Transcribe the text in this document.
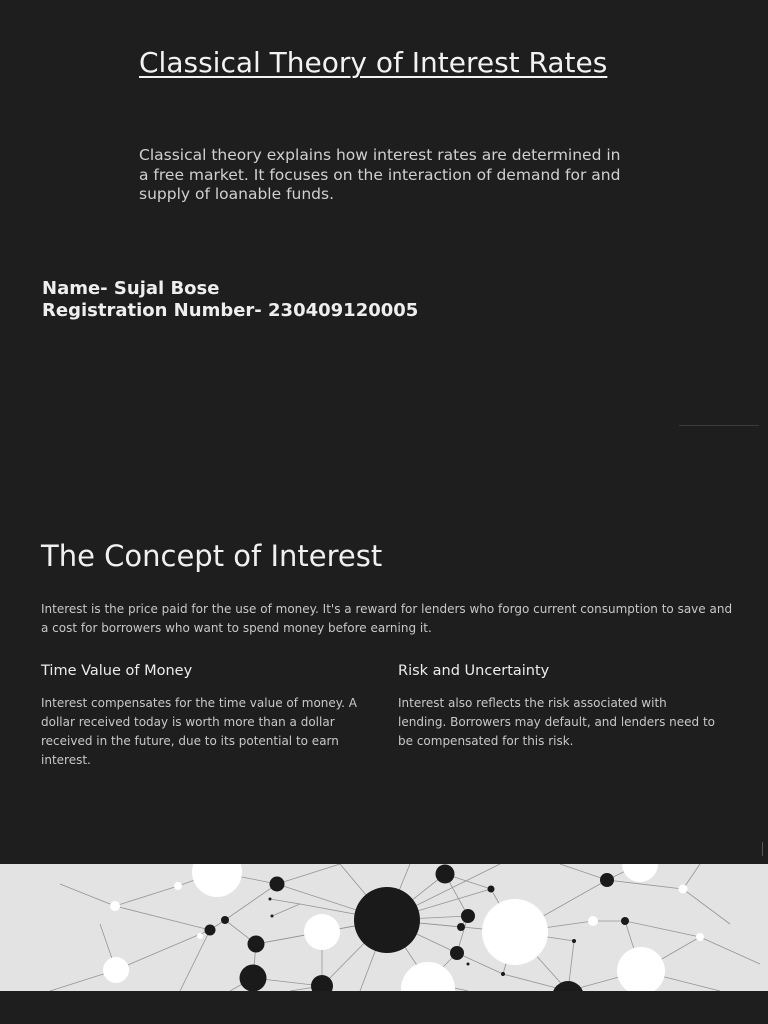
Classical Theory of Interest Rates

Classical theory explains how interest rates are determined in a free market. It focuses on the interaction of demand for and supply of loanable funds.

Name- Sujal Bose
Registration Number- 230409120005
The Concept of Interest

Interest is the price paid for the use of money. It's a reward for lenders who forgo current consumption to save and a cost for borrowers who want to spend money before earning it.

Time Value of Money

Interest compensates for the time value of money. A dollar received today is worth more than a dollar received in the future, due to its potential to earn interest.

Risk and Uncertainty

Interest also reflects the risk associated with lending. Borrowers may default, and lenders need to be compensated for this risk.
